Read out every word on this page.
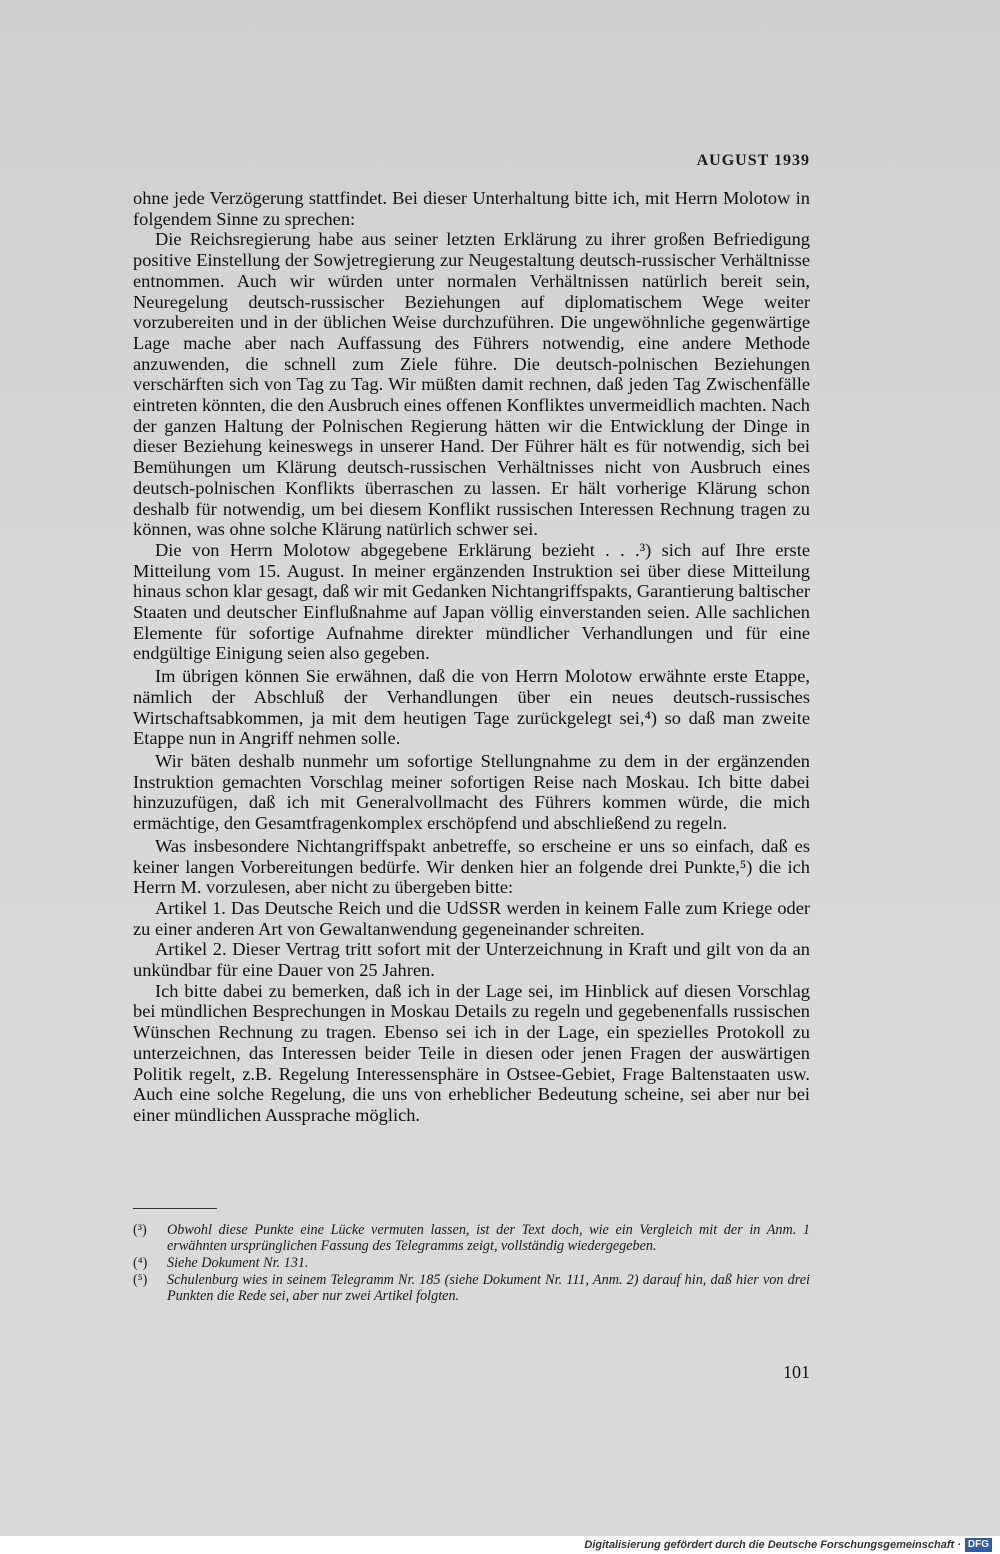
AUGUST 1939

ohne jede Verzögerung stattfindet. Bei dieser Unterhaltung bitte ich, mit Herrn Molotow in folgendem Sinne zu sprechen:

Die Reichsregierung habe aus seiner letzten Erklärung zu ihrer großen Befriedigung positive Einstellung der Sowjetregierung zur Neugestaltung deutsch-russischer Verhältnisse entnommen. Auch wir würden unter normalen Verhältnissen natürlich bereit sein, Neuregelung deutsch-russischer Beziehungen auf diplomatischem Wege weiter vorzubereiten und in der üblichen Weise durchzuführen. Die ungewöhnliche gegenwärtige Lage mache aber nach Auffassung des Führers notwendig, eine andere Methode anzuwenden, die schnell zum Ziele führe. Die deutsch-polnischen Beziehungen verschärften sich von Tag zu Tag. Wir müßten damit rechnen, daß jeden Tag Zwischenfälle eintreten könnten, die den Ausbruch eines offenen Konfliktes unvermeidlich machten. Nach der ganzen Haltung der Polnischen Regierung hätten wir die Entwicklung der Dinge in dieser Beziehung keineswegs in unserer Hand. Der Führer hält es für notwendig, sich bei Bemühungen um Klärung deutsch-russischen Verhältnisses nicht von Ausbruch eines deutsch-polnischen Konflikts überraschen zu lassen. Er hält vorherige Klärung schon deshalb für notwendig, um bei diesem Konflikt russischen Interessen Rechnung tragen zu können, was ohne solche Klärung natürlich schwer sei.

Die von Herrn Molotow abgegebene Erklärung bezieht . . .³) sich auf Ihre erste Mitteilung vom 15. August. In meiner ergänzenden Instruktion sei über diese Mitteilung hinaus schon klar gesagt, daß wir mit Gedanken Nichtangriffspakts, Garantierung baltischer Staaten und deutscher Einflußnahme auf Japan völlig einverstanden seien. Alle sachlichen Elemente für sofortige Aufnahme direkter mündlicher Verhandlungen und für eine endgültige Einigung seien also gegeben.

Im übrigen können Sie erwähnen, daß die von Herrn Molotow erwähnte erste Etappe, nämlich der Abschluß der Verhandlungen über ein neues deutsch-russisches Wirtschaftsabkommen, ja mit dem heutigen Tage zurückgelegt sei,⁴) so daß man zweite Etappe nun in Angriff nehmen solle.

Wir bäten deshalb nunmehr um sofortige Stellungnahme zu dem in der ergänzenden Instruktion gemachten Vorschlag meiner sofortigen Reise nach Moskau. Ich bitte dabei hinzuzufügen, daß ich mit Generalvollmacht des Führers kommen würde, die mich ermächtige, den Gesamtfragenkomplex erschöpfend und abschließend zu regeln.

Was insbesondere Nichtangriffspakt anbetreffe, so erscheine er uns so einfach, daß es keiner langen Vorbereitungen bedürfe. Wir denken hier an folgende drei Punkte,⁵) die ich Herrn M. vorzulesen, aber nicht zu übergeben bitte:

Artikel 1. Das Deutsche Reich und die UdSSR werden in keinem Falle zum Kriege oder zu einer anderen Art von Gewaltanwendung gegeneinander schreiten.

Artikel 2. Dieser Vertrag tritt sofort mit der Unterzeichnung in Kraft und gilt von da an unkündbar für eine Dauer von 25 Jahren.

Ich bitte dabei zu bemerken, daß ich in der Lage sei, im Hinblick auf diesen Vorschlag bei mündlichen Besprechungen in Moskau Details zu regeln und gegebenenfalls russischen Wünschen Rechnung zu tragen. Ebenso sei ich in der Lage, ein spezielles Protokoll zu unterzeichnen, das Interessen beider Teile in diesen oder jenen Fragen der auswärtigen Politik regelt, z.B. Regelung Interessensphäre in Ostsee-Gebiet, Frage Baltenstaaten usw. Auch eine solche Regelung, die uns von erheblicher Bedeutung scheine, sei aber nur bei einer mündlichen Aussprache möglich.

(³)	Obwohl diese Punkte eine Lücke vermuten lassen, ist der Text doch, wie ein Vergleich mit der in Anm. 1 erwähnten ursprünglichen Fassung des Telegramms zeigt, vollständig wiedergegeben.
(⁴)	Siehe Dokument Nr. 131.
(⁵)	Schulenburg wies in seinem Telegramm Nr. 185 (siehe Dokument Nr. 111, Anm. 2) darauf hin, daß hier von drei Punkten die Rede sei, aber nur zwei Artikel folgten.
101
Digitalisierung gefördert durch die Deutsche Forschungsgemeinschaft · DFG
